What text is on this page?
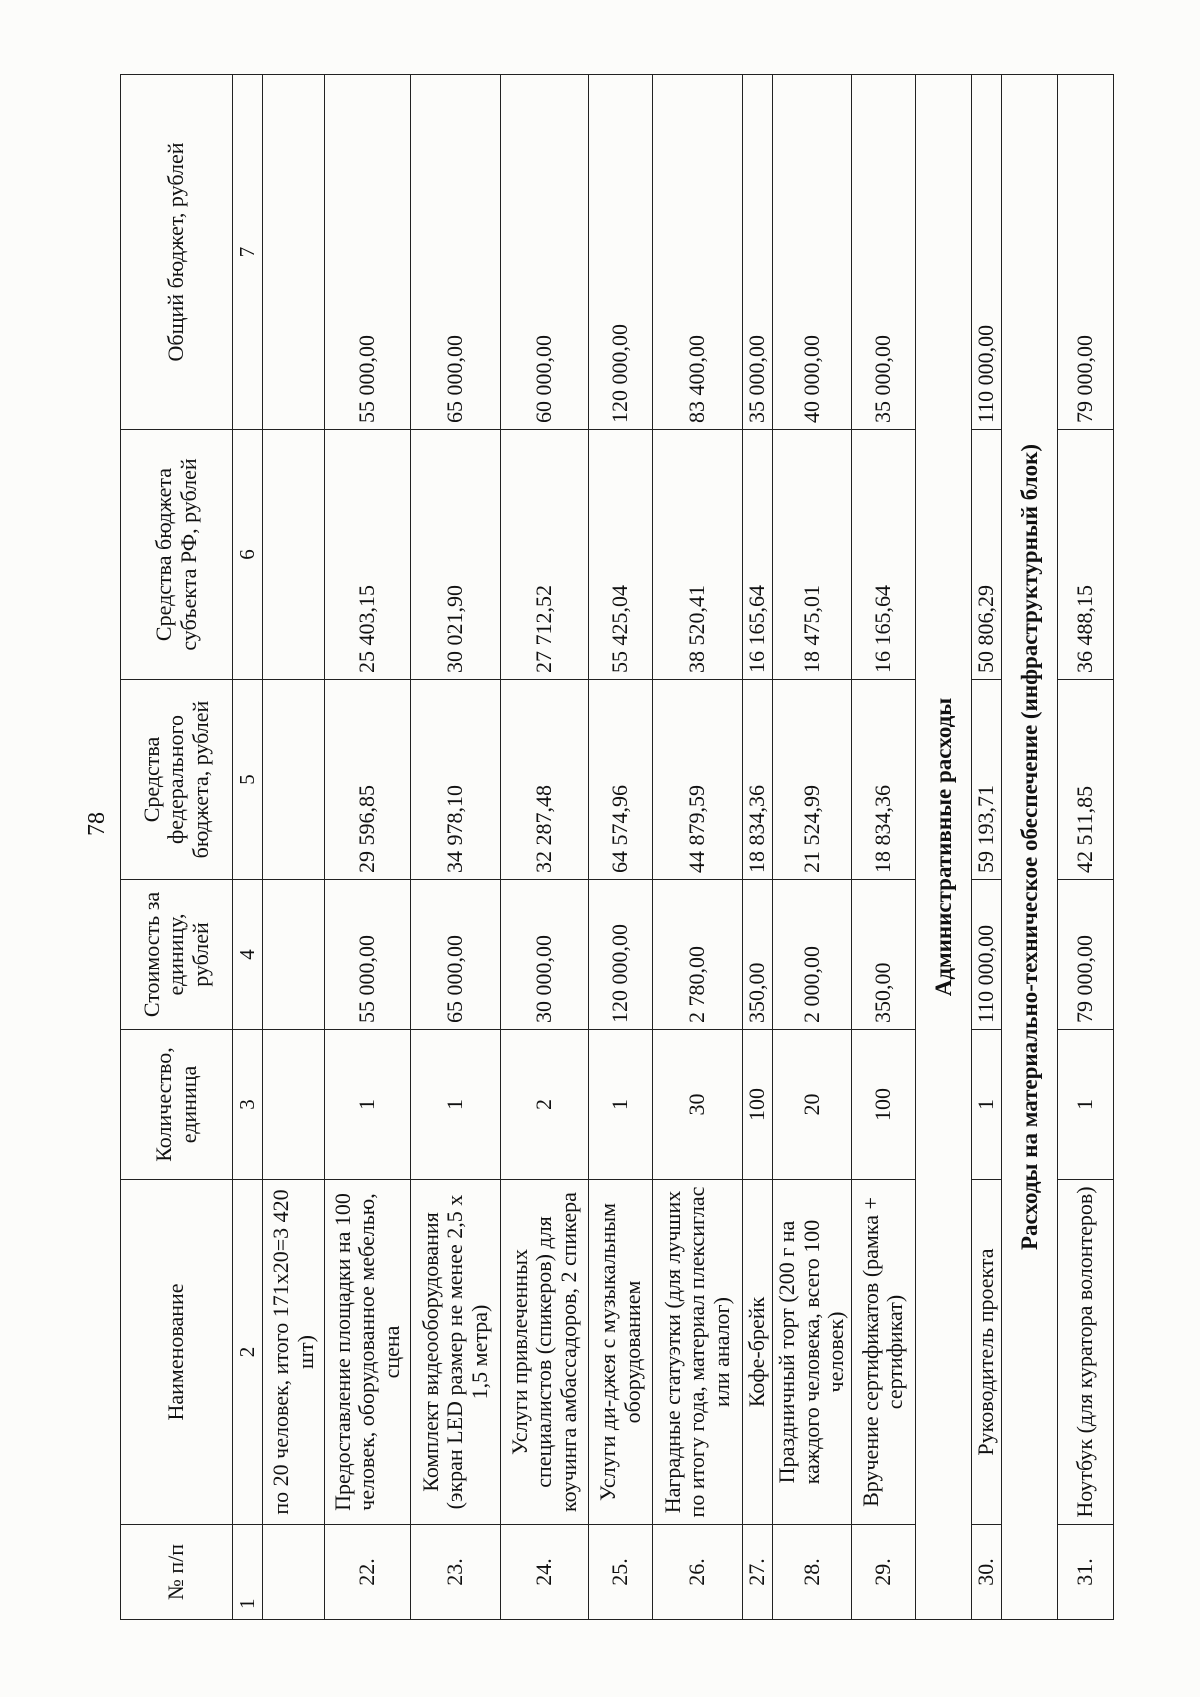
78
№ п/п	Наименование	Количество, единица	Стоимость за единицу, рублей	Средства федерального бюджета, рублей	Средства бюджета субъекта РФ, рублей	Общий бюджет, рублей
1	2	3	4	5	6	7
	по 20 человек, итого 171х20=3 420 шт)					
22.	Предоставление площадки на 100 человек, оборудованное мебелью, сцена	1	55 000,00	29 596,85	25 403,15	55 000,00
23.	Комплект видеооборудования (экран LED размер не менее 2,5 х 1,5 метра)	1	65 000,00	34 978,10	30 021,90	65 000,00
24.	Услуги привлеченных специалистов (спикеров) для коучинга амбассадоров, 2 спикера	2	30 000,00	32 287,48	27 712,52	60 000,00
25.	Услуги ди-джея с музыкальным оборудованием	1	120 000,00	64 574,96	55 425,04	120 000,00
26.	Наградные статуэтки (для лучших по итогу года, материал плексиглас или аналог)	30	2 780,00	44 879,59	38 520,41	83 400,00
27.	Кофе-брейк	100	350,00	18 834,36	16 165,64	35 000,00
28.	Праздничный торт (200 г на каждого человека, всего 100 человек)	20	2 000,00	21 524,99	18 475,01	40 000,00
29.	Вручение сертификатов (рамка + сертификат)	100	350,00	18 834,36	16 165,64	35 000,00
Административные расходы						
30.	Руководитель проекта	1	110 000,00	59 193,71	50 806,29	110 000,00
Расходы на материально-техническое обеспечение (инфраструктурный блок)						
31.	Ноутбук (для куратора волонтеров)	1	79 000,00	42 511,85	36 488,15	79 000,00
